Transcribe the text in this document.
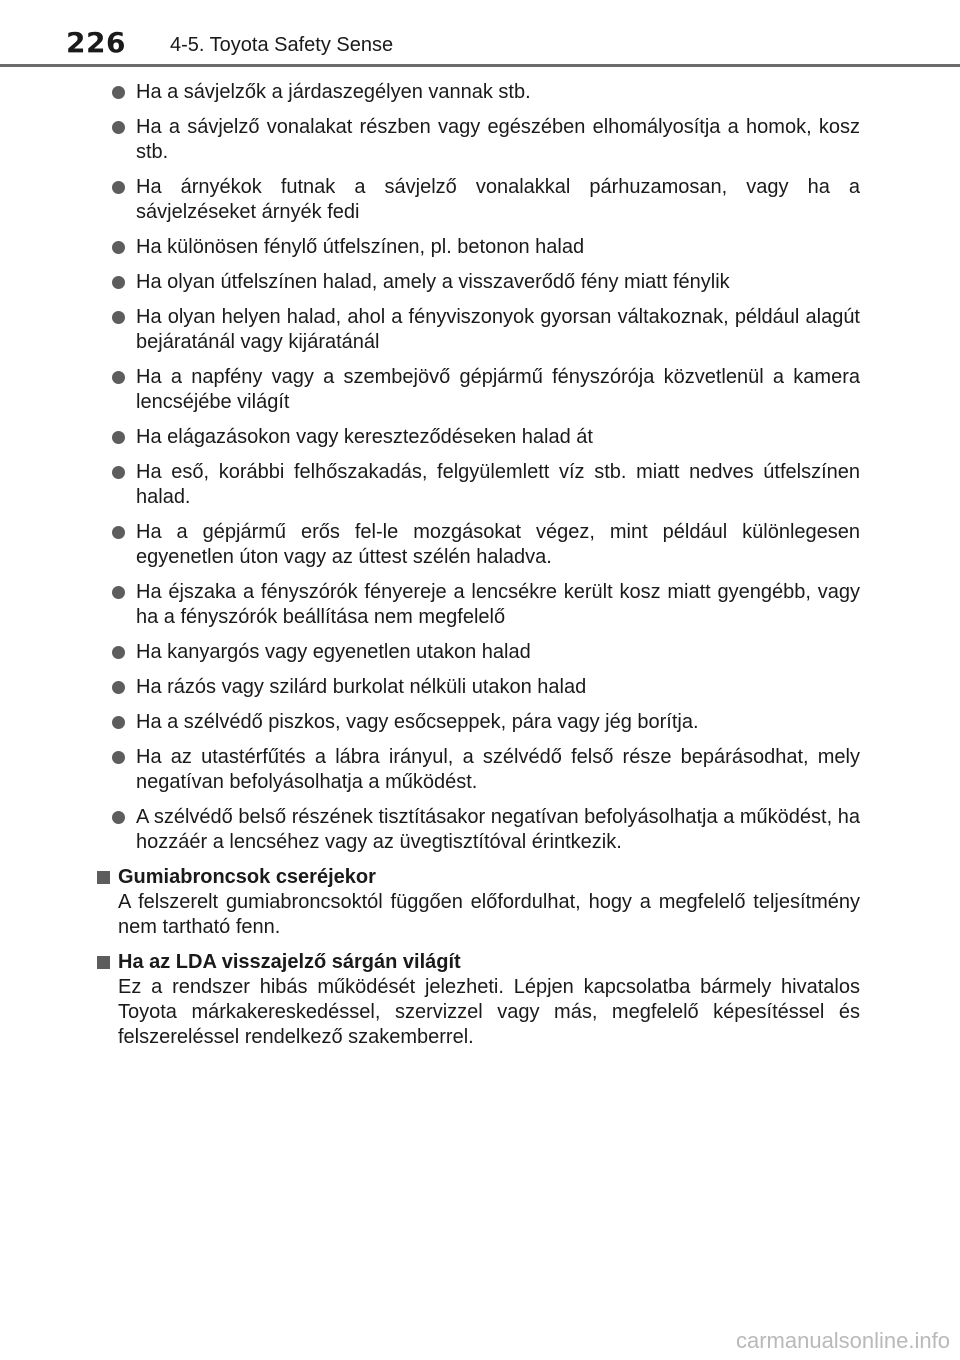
226 4-5. Toyota Safety Sense
Ha a sávjelzők a járdaszegélyen vannak stb.
Ha a sávjelző vonalakat részben vagy egészében elhomályosítja a homok, kosz stb.
Ha árnyékok futnak a sávjelző vonalakkal párhuzamosan, vagy ha a sávjelzéseket árnyék fedi
Ha különösen fénylő útfelszínen, pl. betonon halad
Ha olyan útfelszínen halad, amely a visszaverődő fény miatt fénylik
Ha olyan helyen halad, ahol a fényviszonyok gyorsan váltakoznak, például alagút bejáratánál vagy kijáratánál
Ha a napfény vagy a szembejövő gépjármű fényszórója közvetlenül a kamera lencséjébe világít
Ha elágazásokon vagy kereszteződéseken halad át
Ha eső, korábbi felhőszakadás, felgyülemlett víz stb. miatt nedves útfelszínen halad.
Ha a gépjármű erős fel-le mozgásokat végez, mint például különlegesen egyenetlen úton vagy az úttest szélén haladva.
Ha éjszaka a fényszórók fényereje a lencsékre került kosz miatt gyengébb, vagy ha a fényszórók beállítása nem megfelelő
Ha kanyargós vagy egyenetlen utakon halad
Ha rázós vagy szilárd burkolat nélküli utakon halad
Ha a szélvédő piszkos, vagy esőcseppek, pára vagy jég borítja.
Ha az utastérfűtés a lábra irányul, a szélvédő felső része bepárásodhat, mely negatívan befolyásolhatja a működést.
A szélvédő belső részének tisztításakor negatívan befolyásolhatja a működést, ha hozzáér a lencséhez vagy az üvegtisztítóval érintkezik.
Gumiabroncsok cseréjekor
A felszerelt gumiabroncsoktól függően előfordulhat, hogy a megfelelő teljesítmény nem tartható fenn.
Ha az LDA visszajelző sárgán világít
Ez a rendszer hibás működését jelezheti. Lépjen kapcsolatba bármely hivatalos Toyota márkakereskedéssel, szervizzel vagy más, megfelelő képesítéssel és felszereléssel rendelkező szakemberrel.
carmanualsonline.info
